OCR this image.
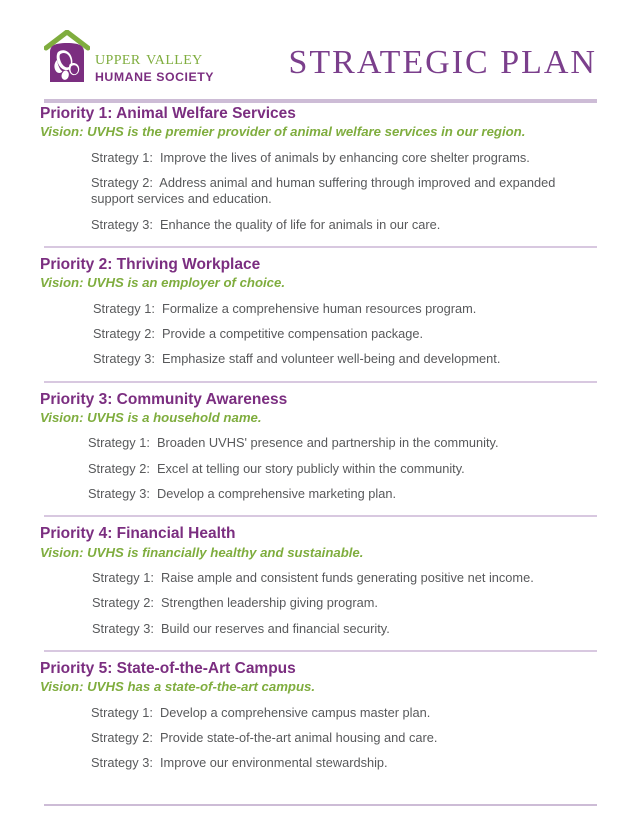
upper valley
HUMANE SOCIETY STRATEGIC PLAN
Priority 1: Animal Welfare Services

Vision: UVHS is the premier provider of animal welfare services in our region.

Strategy 1:  Improve the lives of animals by enhancing core shelter programs.
Strategy 2:  Address animal and human suffering through improved and expanded support services and education.
Strategy 3:  Enhance the quality of life for animals in our care.
Priority 2: Thriving Workplace

Vision: UVHS is an employer of choice.

Strategy 1:  Formalize a comprehensive human resources program.
Strategy 2:  Provide a competitive compensation package.
Strategy 3:  Emphasize staff and volunteer well-being and development.
Priority 3: Community Awareness

Vision: UVHS is a household name.

Strategy 1:  Broaden UVHS' presence and partnership in the community.
Strategy 2:  Excel at telling our story publicly within the community.
Strategy 3:  Develop a comprehensive marketing plan.
Priority 4: Financial Health

Vision: UVHS is financially healthy and sustainable.

Strategy 1:  Raise ample and consistent funds generating positive net income.
Strategy 2:  Strengthen leadership giving program.
Strategy 3:  Build our reserves and financial security.
Priority 5: State-of-the-Art Campus

Vision: UVHS has a state-of-the-art campus.

Strategy 1:  Develop a comprehensive campus master plan.
Strategy 2:  Provide state-of-the-art animal housing and care.
Strategy 3:  Improve our environmental stewardship.
